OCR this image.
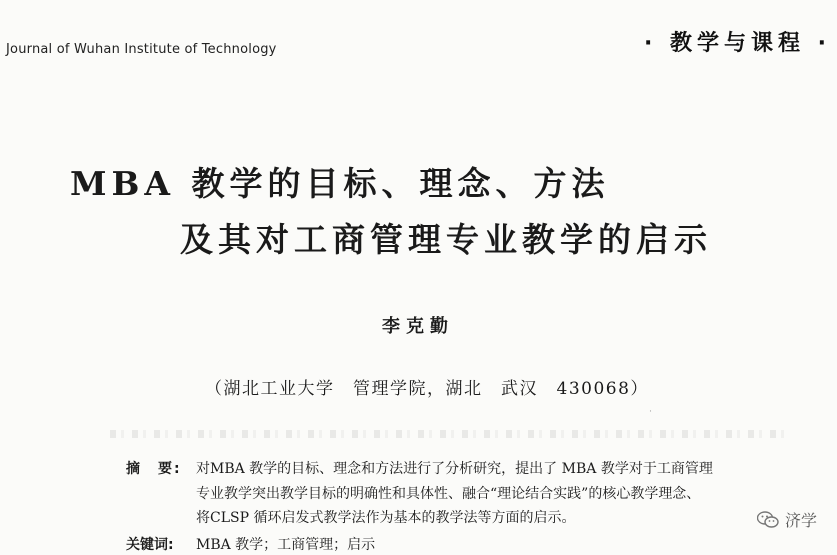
Journal of Wuhan Institute of Technology	· 教学与课程 ·
MBA 教学的目标、理念、方法
及其对工商管理专业教学的启示
李克勤
（湖北工业大学　管理学院，湖北　武汉　430068）
˙
摘　要: 对MBA 教学的目标、理念和方法进行了分析研究，提出了 MBA 教学对于工商管理
专业教学突出教学目标的明确性和具体性、融合“理论结合实践”的核心教学理念、
将CLSP 循环启发式教学法作为基本的教学法等方面的启示。
关键词: MBA 教学；工商管理；启示
济学
